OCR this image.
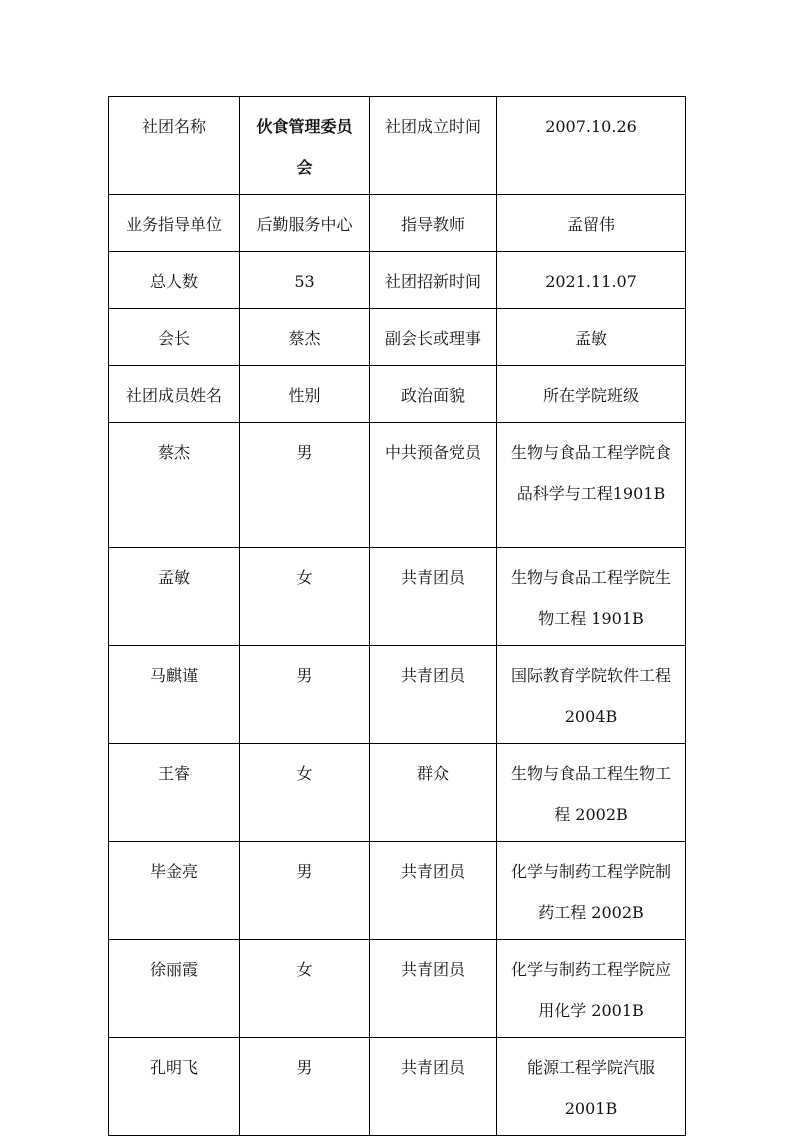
社团名称	伙食管理委员会	社团成立时间	2007.10.26
业务指导单位	后勤服务中心	指导教师	孟留伟
总人数	53	社团招新时间	2021.11.07
会长	蔡杰	副会长或理事	孟敏
社团成员姓名	性别	政治面貌	所在学院班级
蔡杰	男	中共预备党员	生物与食品工程学院食品科学与工程1901B
孟敏	女	共青团员	生物与食品工程学院生物工程 1901B
马麒谨	男	共青团员	国际教育学院软件工程 2004B
王睿	女	群众	生物与食品工程生物工程 2002B
毕金亮	男	共青团员	化学与制药工程学院制药工程 2002B
徐丽霞	女	共青团员	化学与制药工程学院应用化学 2001B
孔明飞	男	共青团员	能源工程学院汽服2001B
